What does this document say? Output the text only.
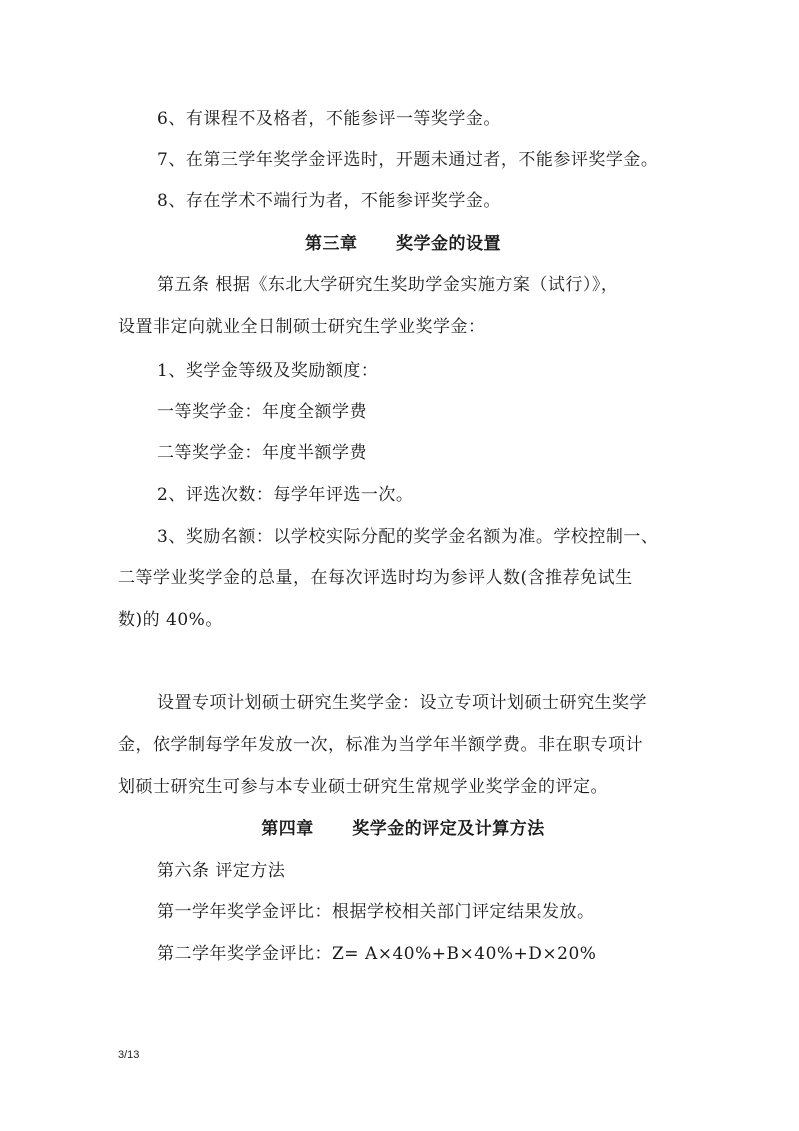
6、有课程不及格者，不能参评一等奖学金。
7、在第三学年奖学金评选时，开题未通过者，不能参评奖学金。
8、存在学术不端行为者，不能参评奖学金。
第三章      奖学金的设置
第五条 根据《东北大学研究生奖助学金实施方案（试行）》，
设置非定向就业全日制硕士研究生学业奖学金：
1、奖学金等级及奖励额度：
一等奖学金：年度全额学费
二等奖学金：年度半额学费
2、评选次数：每学年评选一次。
3、奖励名额：以学校实际分配的奖学金名额为准。学校控制一、
二等学业奖学金的总量，在每次评选时均为参评人数(含推荐免试生
数)的 40%。
设置专项计划硕士研究生奖学金：设立专项计划硕士研究生奖学
金，依学制每学年发放一次，标准为当学年半额学费。非在职专项计
划硕士研究生可参与本专业硕士研究生常规学业奖学金的评定。
第四章      奖学金的评定及计算方法
第六条 评定方法
第一学年奖学金评比：根据学校相关部门评定结果发放。
第二学年奖学金评比：Z= A×40%+B×40%+D×20%
3/13
